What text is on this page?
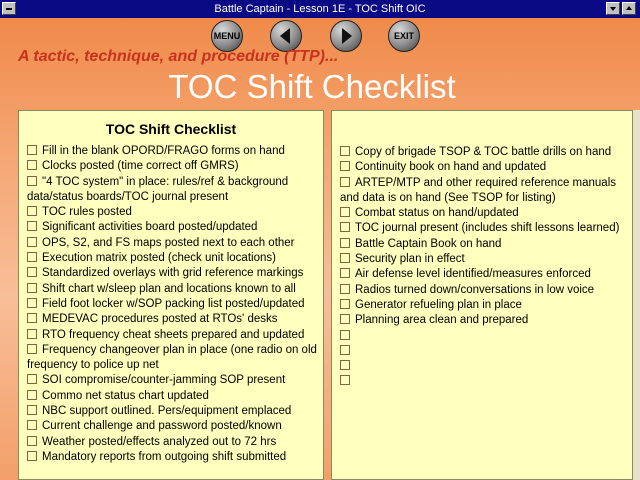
Battle Captain - Lesson 1E - TOC Shift OIC
MENU	EXIT
A tactic, technique, and procedure (TTP)...
TOC Shift Checklist
TOC Shift Checklist
Fill in the blank OPORD/FRAGO forms on hand
Clocks posted (time correct off GMRS)
"4 TOC system" in place: rules/ref & background data/status boards/TOC journal present
TOC rules posted
Significant activities board posted/updated
OPS, S2, and FS maps posted next to each other
Execution matrix posted (check unit locations)
Standardized overlays with grid reference markings
Shift chart w/sleep plan and locations known to all
Field foot locker w/SOP packing list posted/updated
MEDEVAC procedures posted at RTOs' desks
RTO frequency cheat sheets prepared and updated
Frequency changeover plan in place (one radio on old frequency to police up net
SOI compromise/counter-jamming SOP present
Commo net status chart updated
NBC support outlined. Pers/equipment emplaced
Current challenge and password posted/known
Weather posted/effects analyzed out to 72 hrs
Mandatory reports from outgoing shift submitted
Copy of brigade TSOP & TOC battle drills on hand
Continuity book on hand and updated
ARTEP/MTP and other required reference manuals and data is on hand (See TSOP for listing)
Combat status on hand/updated
TOC journal present (includes shift lessons learned)
Battle Captain Book on hand
Security plan in effect
Air defense level identified/measures enforced
Radios turned down/conversations in low voice
Generator refueling plan in place
Planning area clean and prepared
